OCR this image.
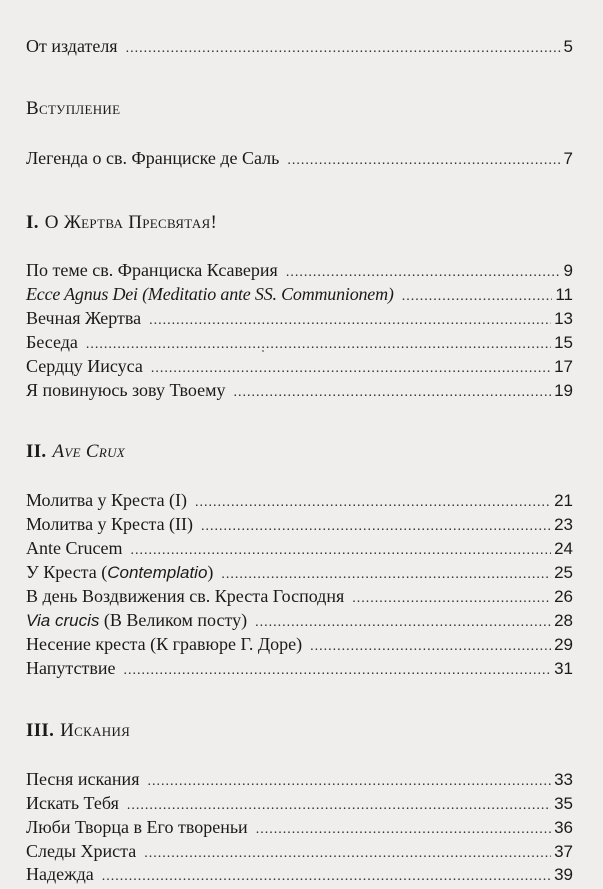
От издателя .....	5
Вступление
Легенда о св. Франциске де Саль .....	7
I. О Жертва Пресвятая!
По теме св. Франциска Ксаверия .....	9
Ecce Agnus Dei (Meditatio ante SS. Communionem) .....	11
Вечная Жертва .....	13
Беседа .....	15
Сердцу Иисуса .....	17
Я повинуюсь зову Твоему .....	19
II. Ave Crux
Молитва у Креста (I) .....	21
Молитва у Креста (II) .....	23
Ante Crucem .....	24
У Креста (Contemplatio) .....	25
В день Воздвижения св. Креста Господня .....	26
Via crucis (В Великом посту) .....	28
Несение креста (К гравюре Г. Доре) .....	29
Напутствие .....	31
III. Искания
Песня искания .....	33
Искать Тебя .....	35
Люби Творца в Его твореньи .....	36
Следы Христа .....	37
Надежда .....	39
